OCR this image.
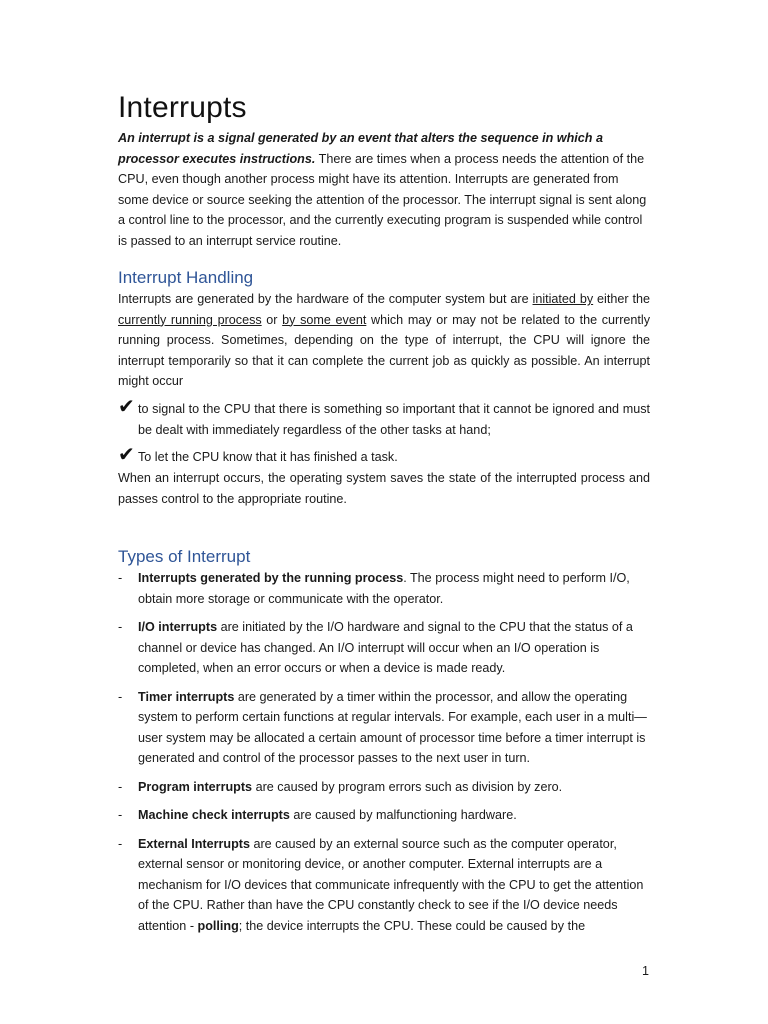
Interrupts

An interrupt is a signal generated by an event that alters the sequence in which a processor executes instructions. There are times when a process needs the attention of the CPU, even though another process might have its attention. Interrupts are generated from some device or source seeking the attention of the processor. The interrupt signal is sent along a control line to the processor, and the currently executing program is suspended while control is passed to an interrupt service routine.

Interrupt Handling

Interrupts are generated by the hardware of the computer system but are initiated by either the currently running process or by some event which may or may not be related to the currently running process. Sometimes, depending on the type of interrupt, the CPU will ignore the interrupt temporarily so that it can complete the current job as quickly as possible. An interrupt might occur

✔ to signal to the CPU that there is something so important that it cannot be ignored and must be dealt with immediately regardless of the other tasks at hand;

✔ To let the CPU know that it has finished a task.

When an interrupt occurs, the operating system saves the state of the interrupted process and passes control to the appropriate routine.

Types of Interrupt
- Interrupts generated by the running process. The process might need to perform I/O, obtain more storage or communicate with the operator.
- I/O interrupts are initiated by the I/O hardware and signal to the CPU that the status of a channel or device has changed. An I/O interrupt will occur when an I/O operation is completed, when an error occurs or when a device is made ready.
- Timer interrupts are generated by a timer within the processor, and allow the operating system to perform certain functions at regular intervals. For example, each user in a multi—user system may be allocated a certain amount of processor time before a timer interrupt is generated and control of the processor passes to the next user in turn.
- Program interrupts are caused by program errors such as division by zero.
- Machine check interrupts are caused by malfunctioning hardware.
- External Interrupts are caused by an external source such as the computer operator, external sensor or monitoring device, or another computer. External interrupts are a mechanism for I/O devices that communicate infrequently with the CPU to get the attention of the CPU. Rather than have the CPU constantly check to see if the I/O device needs attention - polling; the device interrupts the CPU. These could be caused by the
1
